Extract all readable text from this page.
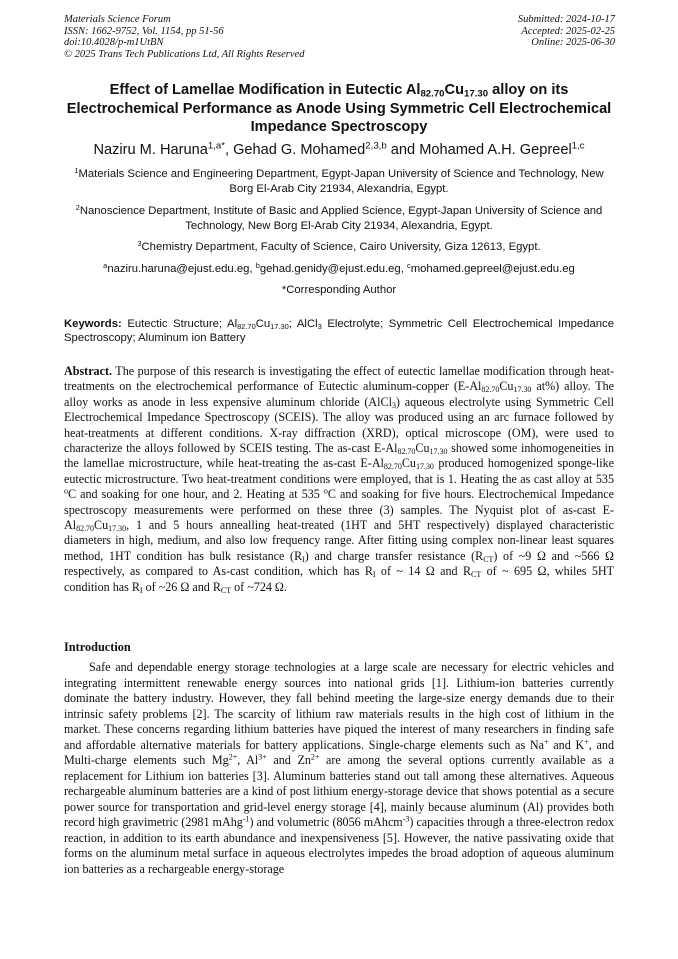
Materials Science Forum
ISSN: 1662-9752, Vol. 1154, pp 51-56
doi:10.4028/p-m1UtBN
© 2025 Trans Tech Publications Ltd, All Rights Reserved
Submitted: 2024-10-17
Accepted: 2025-02-25
Online: 2025-06-30
Effect of Lamellae Modification in Eutectic $Al_{82.70}Cu_{17.30}$ alloy on its Electrochemical Performance as Anode Using Symmetric Cell Electrochemical Impedance Spectroscopy
Naziru M. Haruna$^{1,a*}$, Gehad G. Mohamed$^{2,3,b}$ and Mohamed A.H. Gepreel$^{1,c}$
$^1$Materials Science and Engineering Department, Egypt-Japan University of Science and Technology, New Borg El-Arab City 21934, Alexandria, Egypt.
$^2$Nanoscience Department, Institute of Basic and Applied Science, Egypt-Japan University of Science and Technology, New Borg El-Arab City 21934, Alexandria, Egypt.
$^3$Chemistry Department, Faculty of Science, Cairo University, Giza 12613, Egypt.
$^a$naziru.haruna@ejust.edu.eg, $^b$gehad.genidy@ejust.edu.eg, $^c$mohamed.gepreel@ejust.edu.eg
*Corresponding Author
Keywords: Eutectic Structure; $Al_{82.70}Cu_{17.30}$; AlCl$_3$ Electrolyte; Symmetric Cell Electrochemical Impedance Spectroscopy; Aluminum ion Battery
Abstract. The purpose of this research is investigating the effect of eutectic lamellae modification through heat-treatments on the electrochemical performance of Eutectic aluminum-copper ($E-Al_{82.70}Cu_{17.30}$ at%) alloy. The alloy works as anode in less expensive aluminum chloride (AlCl$_3$) aqueous electrolyte using Symmetric Cell Electrochemical Impedance Spectroscopy (SCEIS). The alloy was produced using an arc furnace followed by heat-treatments at different conditions. X-ray diffraction (XRD), optical microscope (OM), were used to characterize the alloys followed by SCEIS testing. The as-cast $E-Al_{82.70}Cu_{17.30}$ showed some inhomogeneities in the lamellae microstructure, while heat-treating the as-cast $E-Al_{82.70}Cu_{17.30}$ produced homogenized sponge-like eutectic microstructure. Two heat-treatment conditions were employed, that is 1. Heating the as cast alloy at 535 $^o$C and soaking for one hour, and 2. Heating at 535 $^o$C and soaking for five hours. Electrochemical Impedance spectroscopy measurements were performed on these three (3) samples. The Nyquist plot of as-cast $E-Al_{82.70}Cu_{17.30}$, 1 and 5 hours annealling heat-treated (1HT and 5HT respectively) displayed characteristic diameters in high, medium, and also low frequency range. After fitting using complex non-linear least squares method, 1HT condition has bulk resistance $(R_I)$ and charge transfer resistance $(R_{CT})$ of ~9 Ω and ~566 Ω respectively, as compared to As-cast condition, which has $R_I$ of ~ 14 Ω and $R_{CT}$ of ~ 695 Ω, whiles 5HT condition has $R_I$ of ~26 Ω and $R_{CT}$ of ~724 Ω.
Introduction
Safe and dependable energy storage technologies at a large scale are necessary for electric vehicles and integrating intermittent renewable energy sources into national grids [1]. Lithium-ion batteries currently dominate the battery industry. However, they fall behind meeting the large-size energy demands due to their intrinsic safety problems [2]. The scarcity of lithium raw materials results in the high cost of lithium in the market. These concerns regarding lithium batteries have piqued the interest of many researchers in finding safe and affordable alternative materials for battery applications. Single-charge elements such as Na+ and K+, and Multi-charge elements such $Mg^{2+}$, $Al^{3+}$ and $Zn^{2+}$ are among the several options currently available as a replacement for Lithium ion batteries [3]. Aluminum batteries stand out tall among these alternatives. Aqueous rechargeable aluminum batteries are a kind of post lithium energy-storage device that shows potential as a secure power source for transportation and grid-level energy storage [4], mainly because aluminum (Al) provides both record high gravimetric (2981 mAhg$^{-1}$) and volumetric (8056 mAhcm$^{-3}$) capacities through a three-electron redox reaction, in addition to its earth abundance and inexpensiveness [5]. However, the native passivating oxide that forms on the aluminum metal surface in aqueous electrolytes impedes the broad adoption of aqueous aluminum ion batteries as a rechargeable energy-storage
